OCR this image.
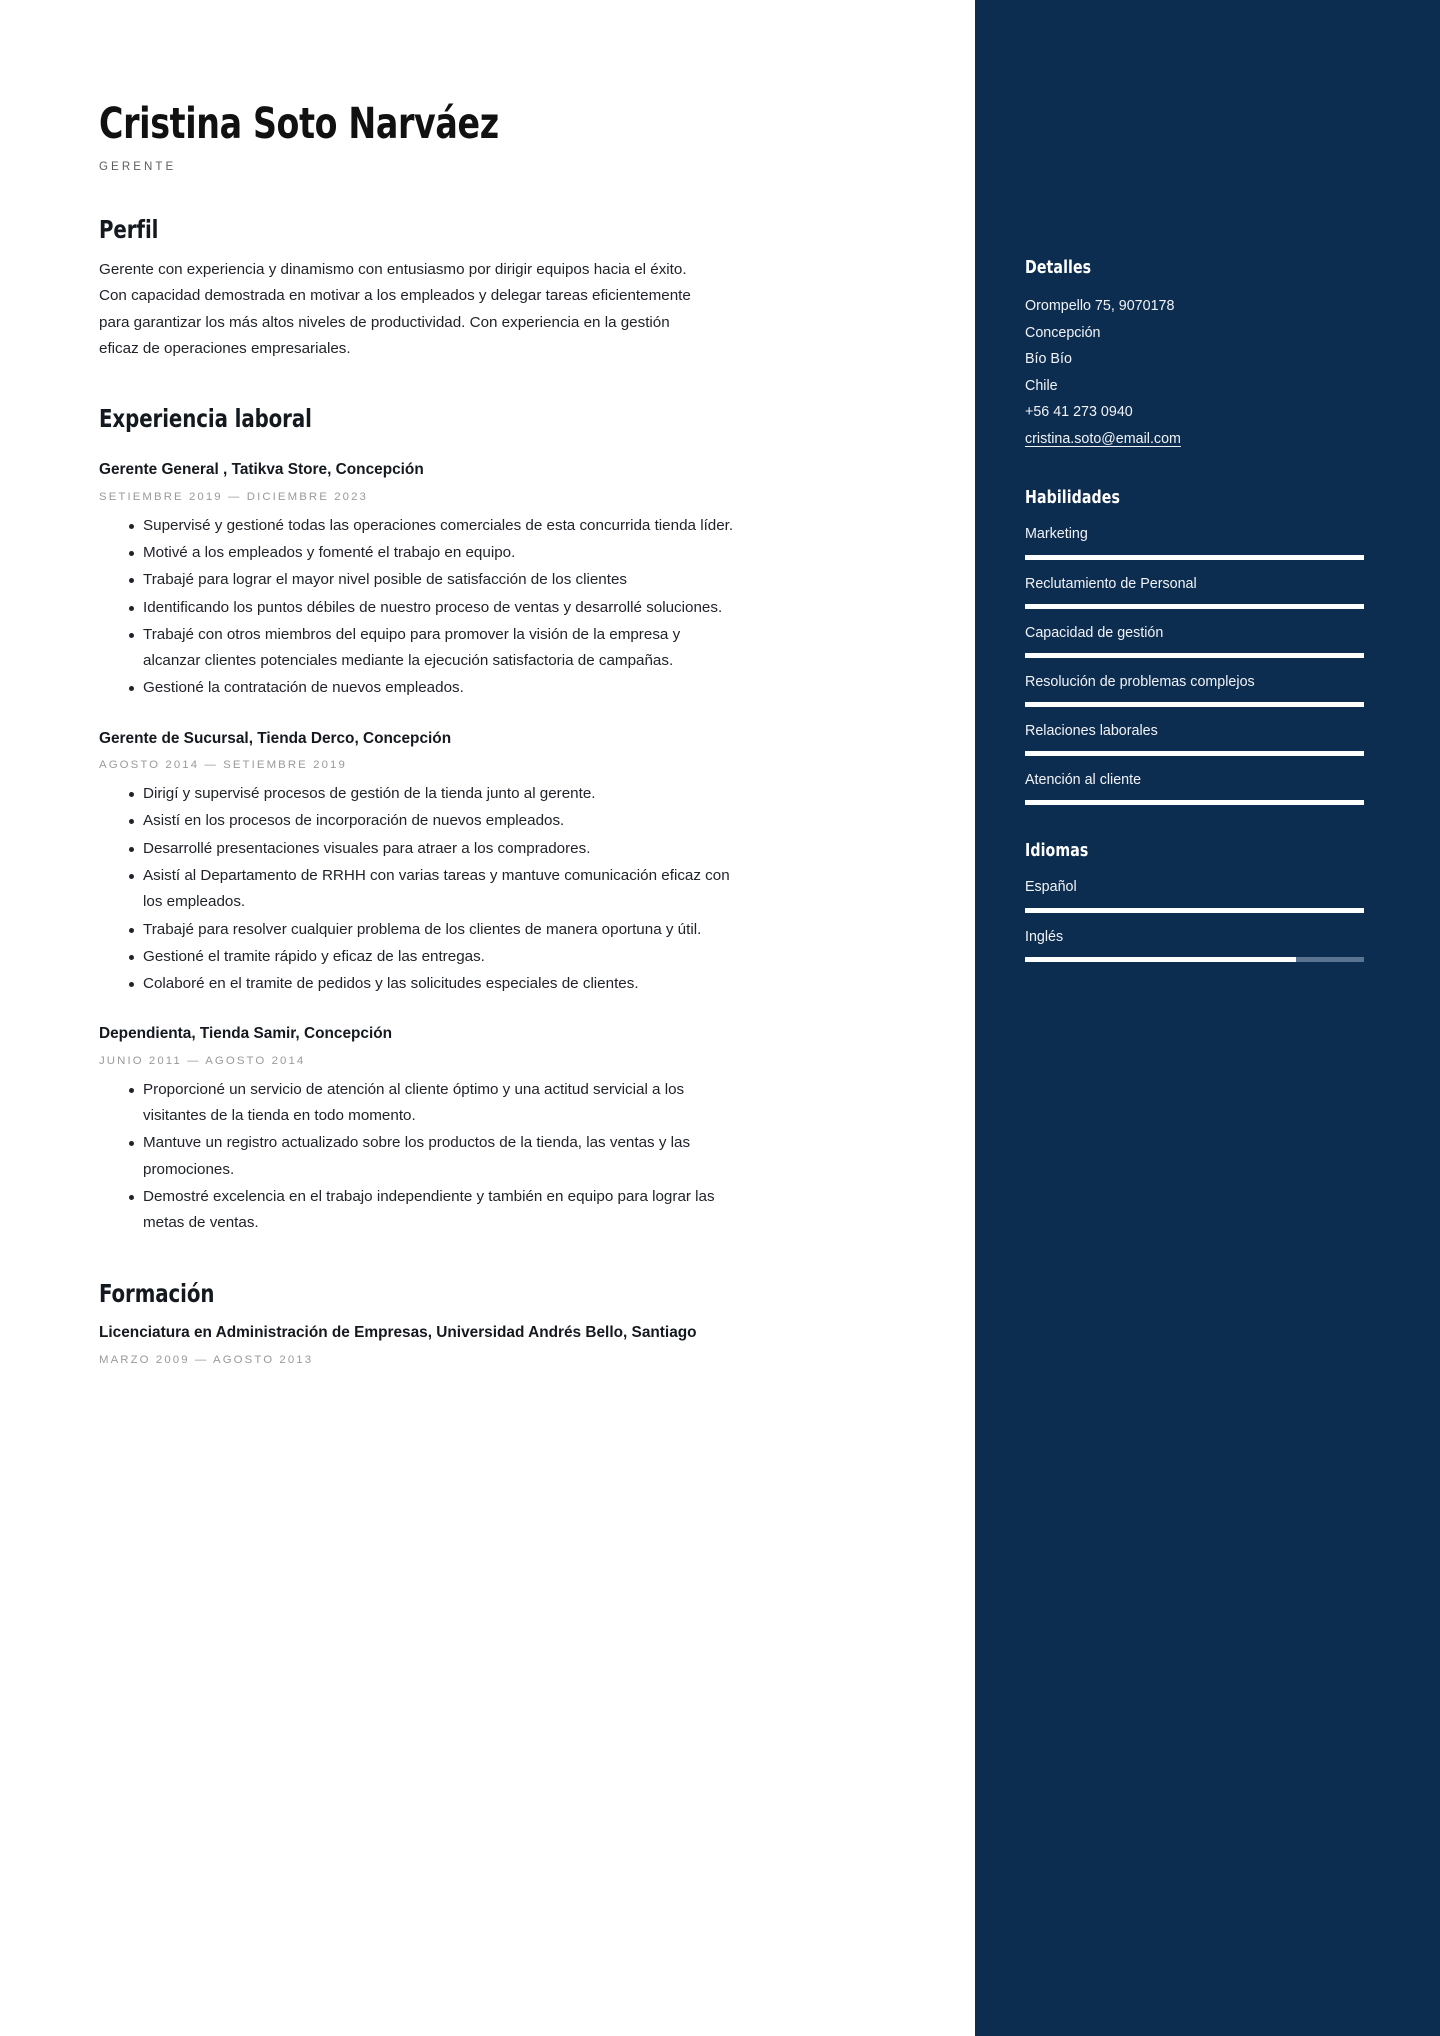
Cristina Soto Narváez
GERENTE
Perfil
Gerente con experiencia y dinamismo con entusiasmo por dirigir equipos hacia el éxito. Con capacidad demostrada en motivar a los empleados y delegar tareas eficientemente para garantizar los más altos niveles de productividad. Con experiencia en la gestión eficaz de operaciones empresariales.
Experiencia laboral
Gerente General , Tatikva Store, Concepción
SETIEMBRE 2019 — DICIEMBRE 2023
Supervisé y gestioné todas las operaciones comerciales de esta concurrida tienda líder.
Motivé a los empleados y fomenté el trabajo en equipo.
Trabajé para lograr el mayor nivel posible de satisfacción de los clientes
Identificando los puntos débiles de nuestro proceso de ventas y desarrollé soluciones.
Trabajé con otros miembros del equipo para promover la visión de la empresa y alcanzar clientes potenciales mediante la ejecución satisfactoria de campañas.
Gestioné la contratación de nuevos empleados.
Gerente de Sucursal, Tienda Derco, Concepción
AGOSTO 2014 — SETIEMBRE 2019
Dirigí y supervisé procesos de gestión de la tienda junto al gerente.
Asistí en los procesos de incorporación de nuevos empleados.
Desarrollé presentaciones visuales para atraer a los compradores.
Asistí al Departamento de RRHH con varias tareas y mantuve comunicación eficaz con los empleados.
Trabajé para resolver cualquier problema de los clientes de manera oportuna y útil.
Gestioné el tramite rápido y eficaz de las entregas.
Colaboré en el tramite de pedidos y las solicitudes especiales de clientes.
Dependienta, Tienda Samir, Concepción
JUNIO 2011 — AGOSTO 2014
Proporcioné un servicio de atención al cliente óptimo y una actitud servicial a los visitantes de la tienda en todo momento.
Mantuve un registro actualizado sobre los productos de la tienda, las ventas y las promociones.
Demostré excelencia en el trabajo independiente y también en equipo para lograr las metas de ventas.
Formación
Licenciatura en Administración de Empresas, Universidad Andrés Bello, Santiago
MARZO 2009 — AGOSTO 2013
Detalles
Orompello 75, 9070178
Concepción
Bío Bío
Chile
+56 41 273 0940
cristina.soto@email.com
Habilidades
Marketing
Reclutamiento de Personal
Capacidad de gestión
Resolución de problemas complejos
Relaciones laborales
Atención al cliente
Idiomas
Español
Inglés
